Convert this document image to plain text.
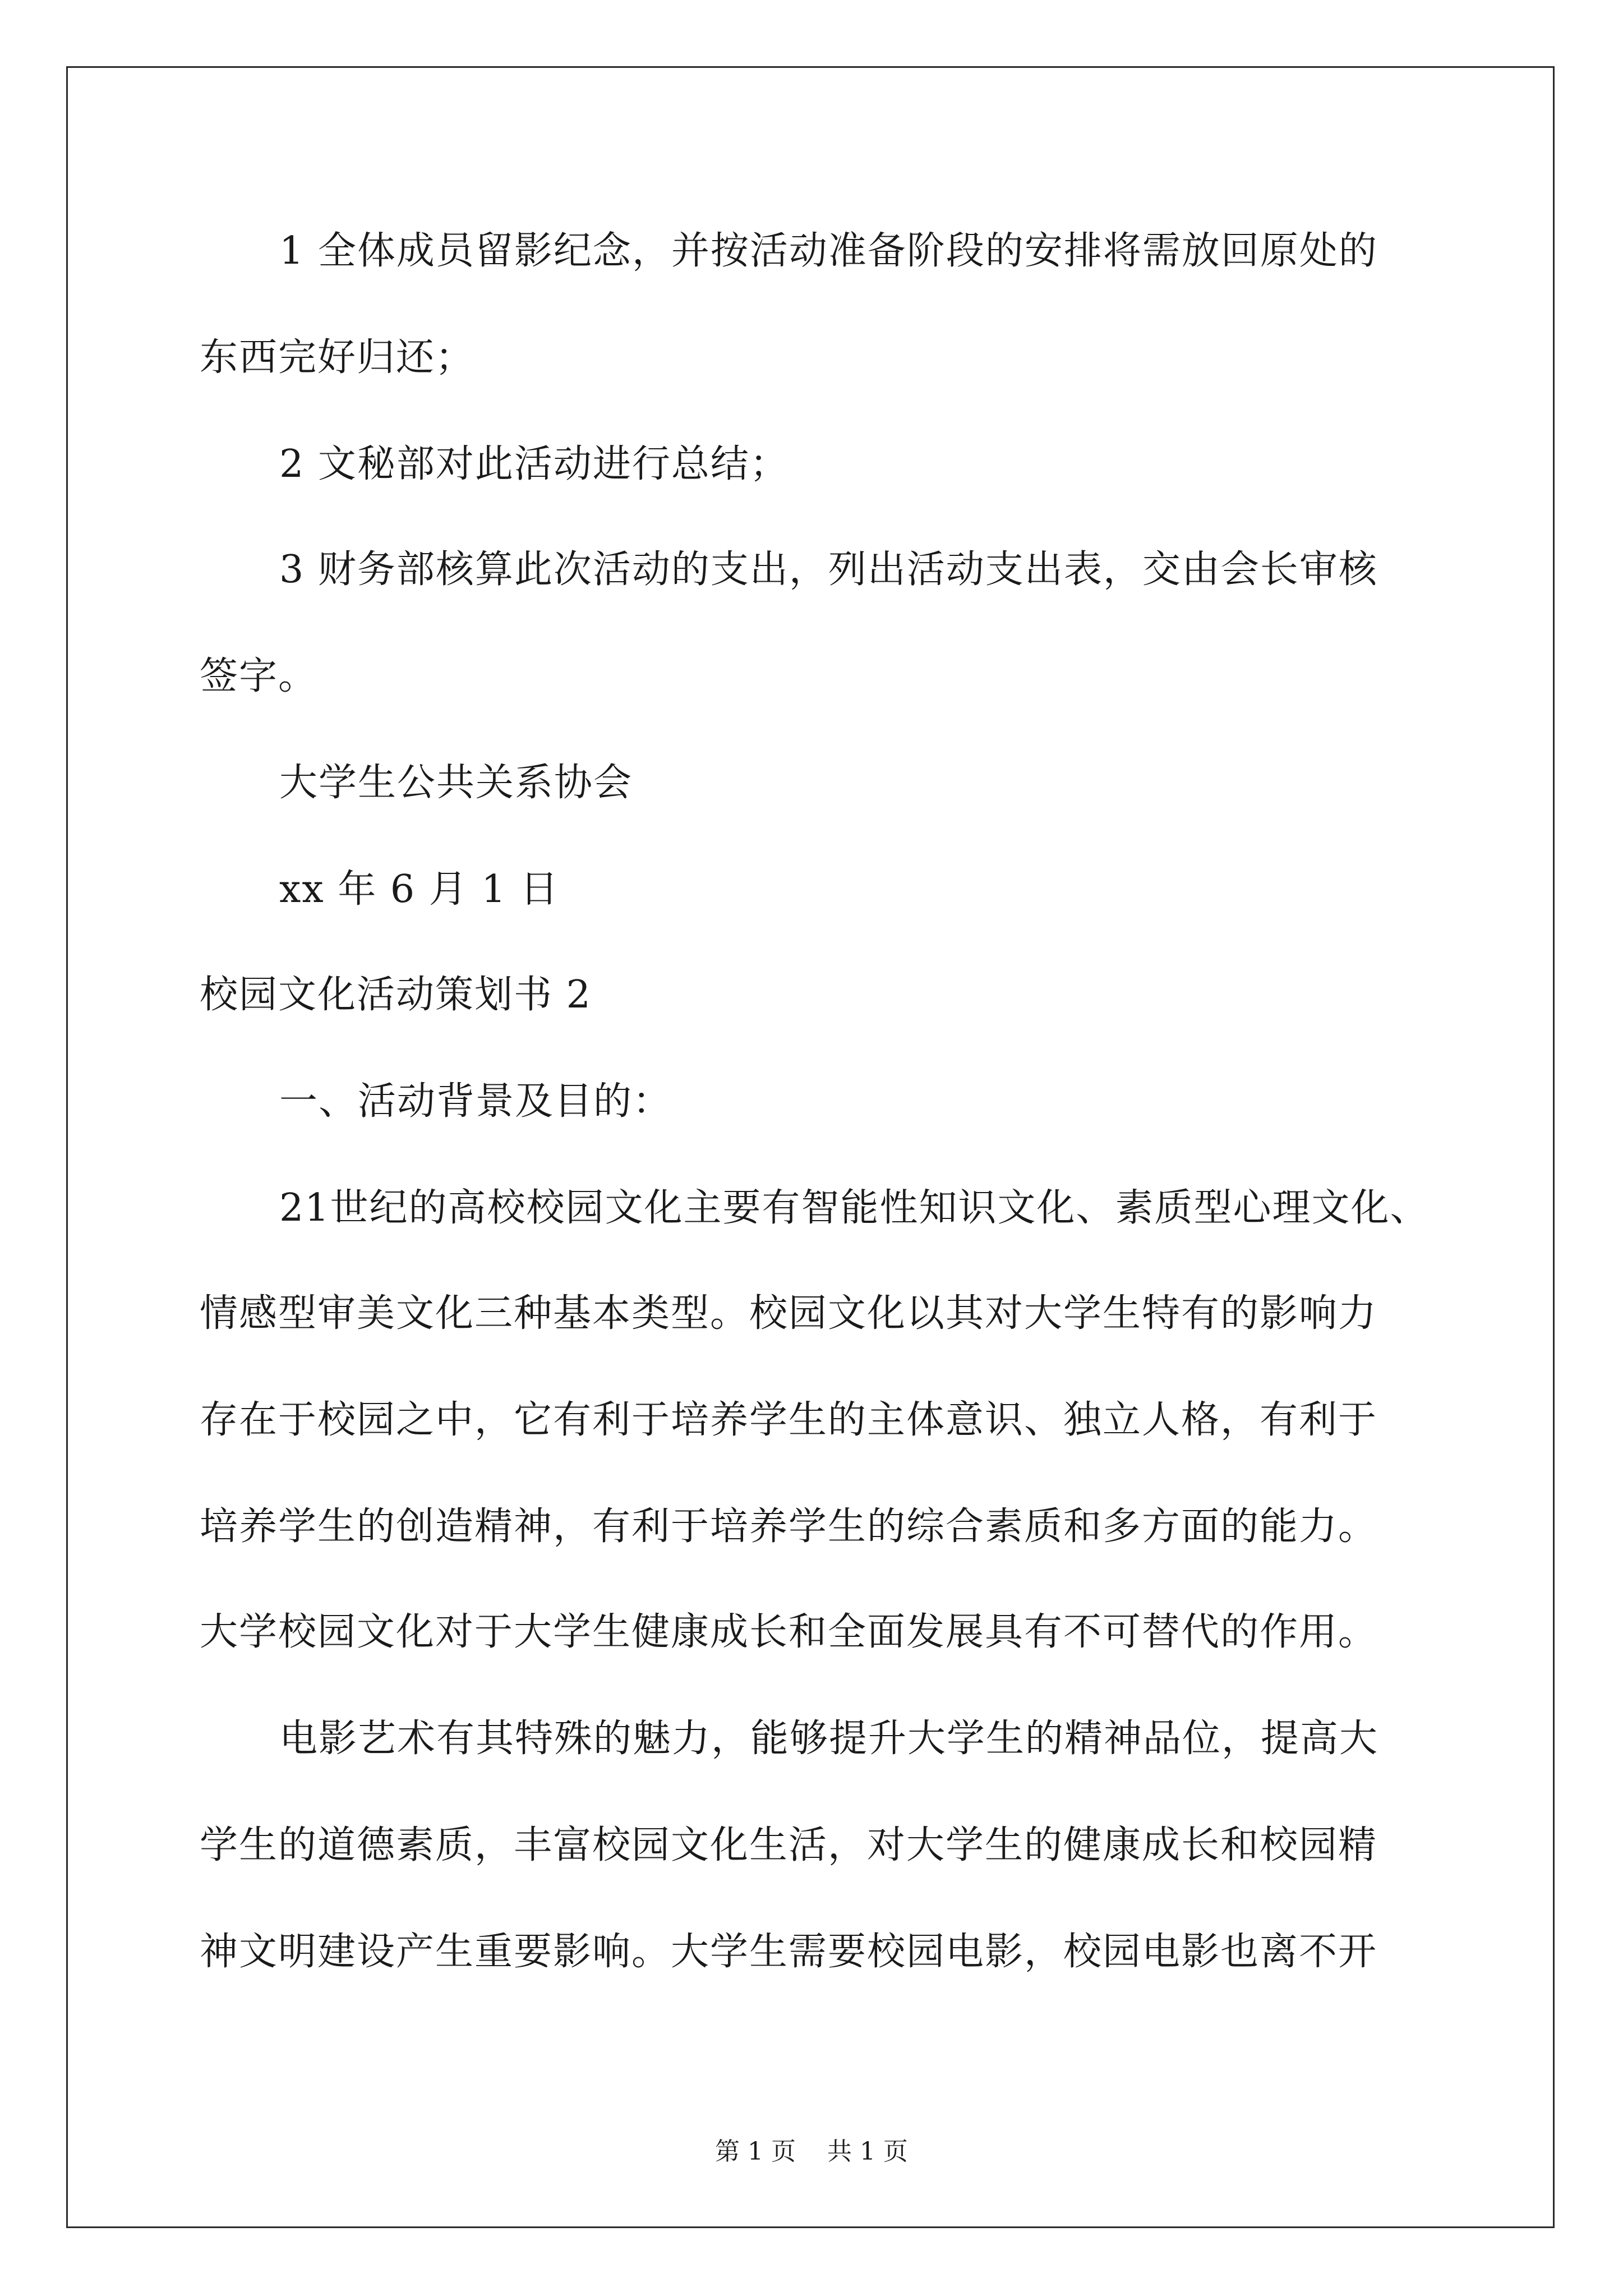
1 全体成员留影纪念，并按活动准备阶段的安排将需放回原处的
东西完好归还；
2 文秘部对此活动进行总结；
3 财务部核算此次活动的支出，列出活动支出表，交由会长审核
签字。
大学生公共关系协会
xx 年 6 月 1 日
校园文化活动策划书 2
一、活动背景及目的：
21世纪的高校校园文化主要有智能性知识文化、素质型心理文化、
情感型审美文化三种基本类型。校园文化以其对大学生特有的影响力
存在于校园之中，它有利于培养学生的主体意识、独立人格，有利于
培养学生的创造精神，有利于培养学生的综合素质和多方面的能力。
大学校园文化对于大学生健康成长和全面发展具有不可替代的作用。
电影艺术有其特殊的魅力，能够提升大学生的精神品位，提高大
学生的道德素质，丰富校园文化生活，对大学生的健康成长和校园精
神文明建设产生重要影响。大学生需要校园电影，校园电影也离不开
第 1 页    共 1 页
